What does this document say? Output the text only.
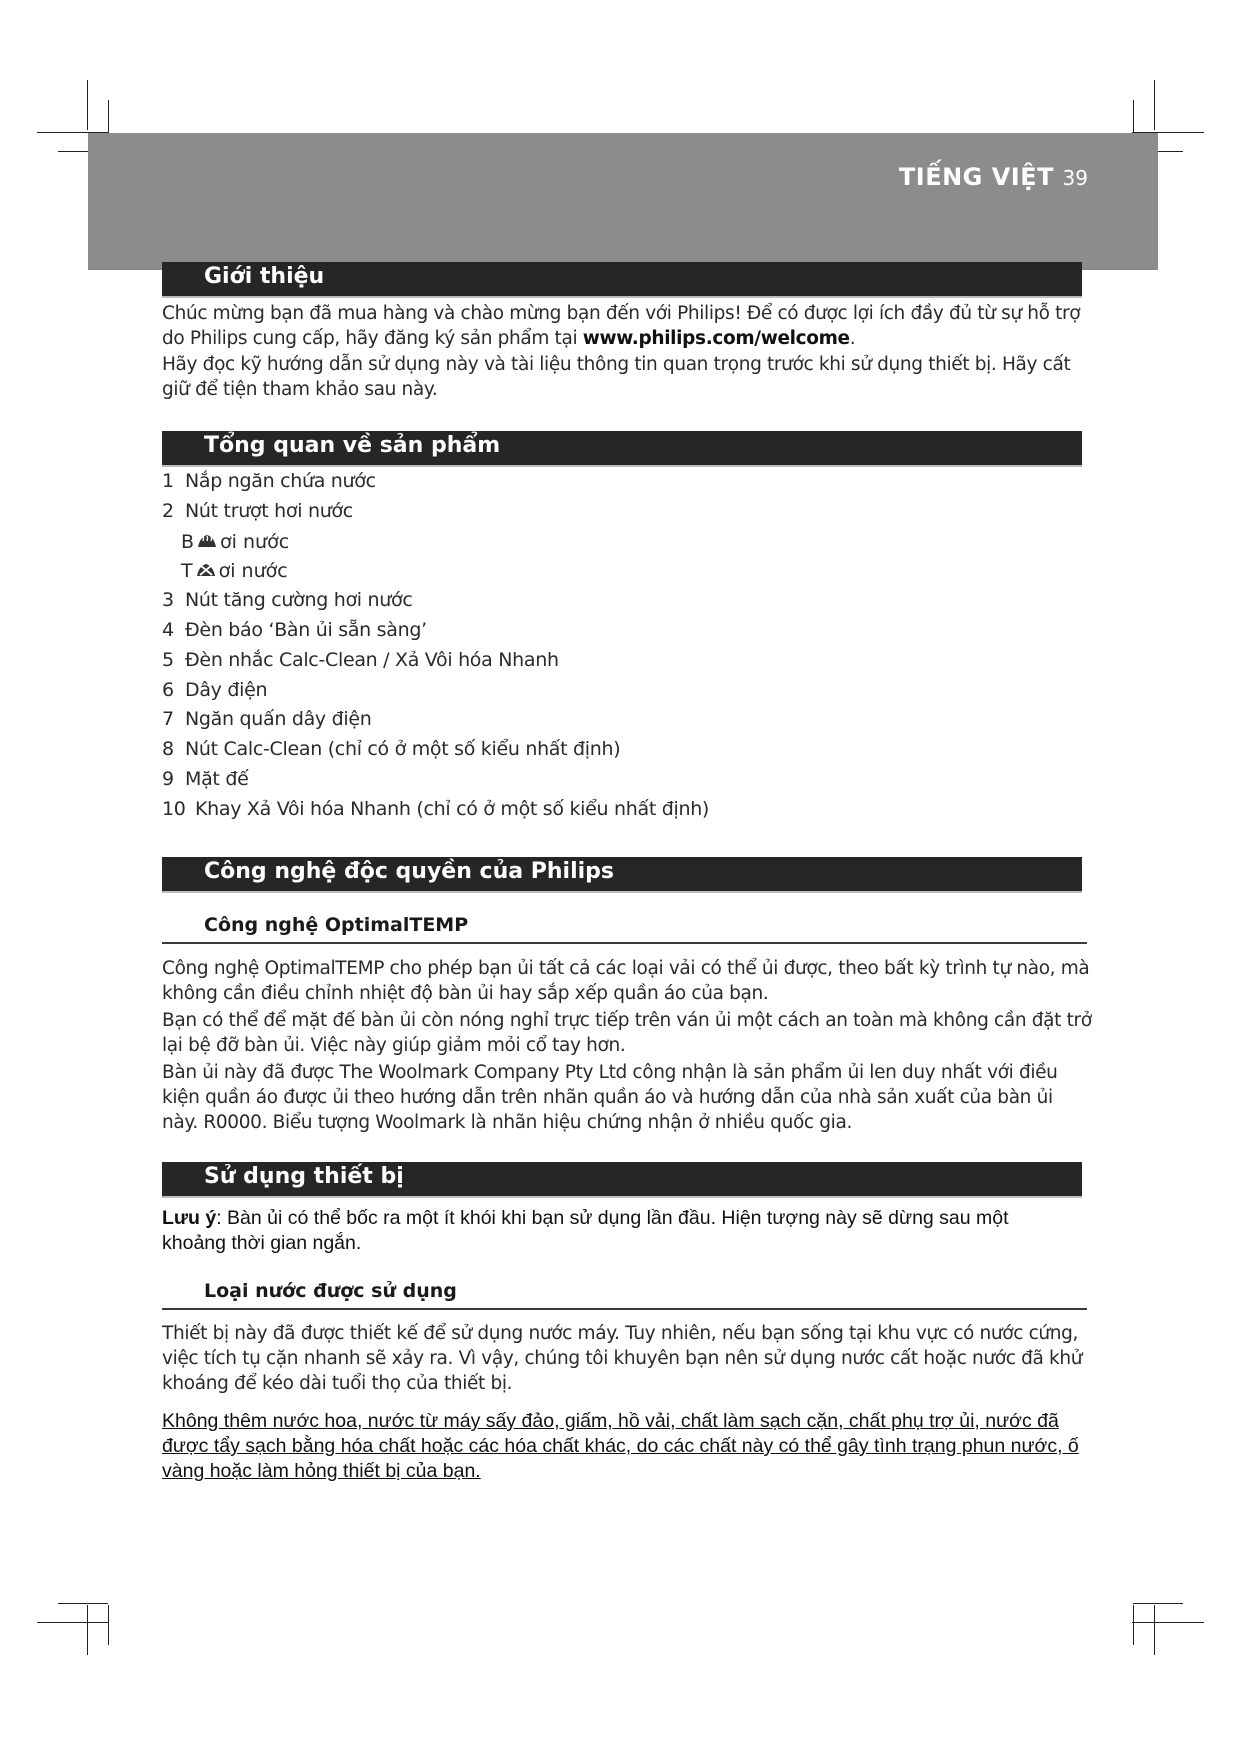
TIẾNG VIỆT 39
Giới thiệu
Chúc mừng bạn đã mua hàng và chào mừng bạn đến với Philips! Để có được lợi ích đầy đủ từ sự hỗ trợ do Philips cung cấp, hãy đăng ký sản phẩm tại www.philips.com/welcome.
Hãy đọc kỹ hướng dẫn sử dụng này và tài liệu thông tin quan trọng trước khi sử dụng thiết bị. Hãy cất giữ để tiện tham khảo sau này.
Tổng quan về sản phẩm
1 Nắp ngăn chứa nước
2 Nút trượt hơi nước
B ơi nước
T ơi nước
3 Nút tăng cường hơi nước
4 Đèn báo ‘Bàn ủi sẵn sàng’
5 Đèn nhắc Calc-Clean / Xả Vôi hóa Nhanh
6 Dây điện
7 Ngăn quấn dây điện
8 Nút Calc-Clean (chỉ có ở một số kiểu nhất định)
9 Mặt đế
10 Khay Xả Vôi hóa Nhanh (chỉ có ở một số kiểu nhất định)
Công nghệ độc quyền của Philips
Công nghệ OptimalTEMP
Công nghệ OptimalTEMP cho phép bạn ủi tất cả các loại vải có thể ủi được, theo bất kỳ trình tự nào, mà không cần điều chỉnh nhiệt độ bàn ủi hay sắp xếp quần áo của bạn.
Bạn có thể để mặt đế bàn ủi còn nóng nghỉ trực tiếp trên ván ủi một cách an toàn mà không cần đặt trở lại bệ đỡ bàn ủi. Việc này giúp giảm mỏi cổ tay hơn.
Bàn ủi này đã được The Woolmark Company Pty Ltd công nhận là sản phẩm ủi len duy nhất với điều kiện quần áo được ủi theo hướng dẫn trên nhãn quần áo và hướng dẫn của nhà sản xuất của bàn ủi này. R0000. Biểu tượng Woolmark là nhãn hiệu chứng nhận ở nhiều quốc gia.
Sử dụng thiết bị
Lưu ý: Bàn ủi có thể bốc ra một ít khói khi bạn sử dụng lần đầu. Hiện tượng này sẽ dừng sau một khoảng thời gian ngắn.
Loại nước được sử dụng
Thiết bị này đã được thiết kế để sử dụng nước máy. Tuy nhiên, nếu bạn sống tại khu vực có nước cứng, việc tích tụ cặn nhanh sẽ xảy ra. Vì vậy, chúng tôi khuyên bạn nên sử dụng nước cất hoặc nước đã khử khoáng để kéo dài tuổi thọ của thiết bị.
Không thêm nước hoa, nước từ máy sấy đảo, giấm, hồ vải, chất làm sạch cặn, chất phụ trợ ủi, nước đã được tẩy sạch bằng hóa chất hoặc các hóa chất khác, do các chất này có thể gây tình trạng phun nước, ố vàng hoặc làm hỏng thiết bị của bạn.
